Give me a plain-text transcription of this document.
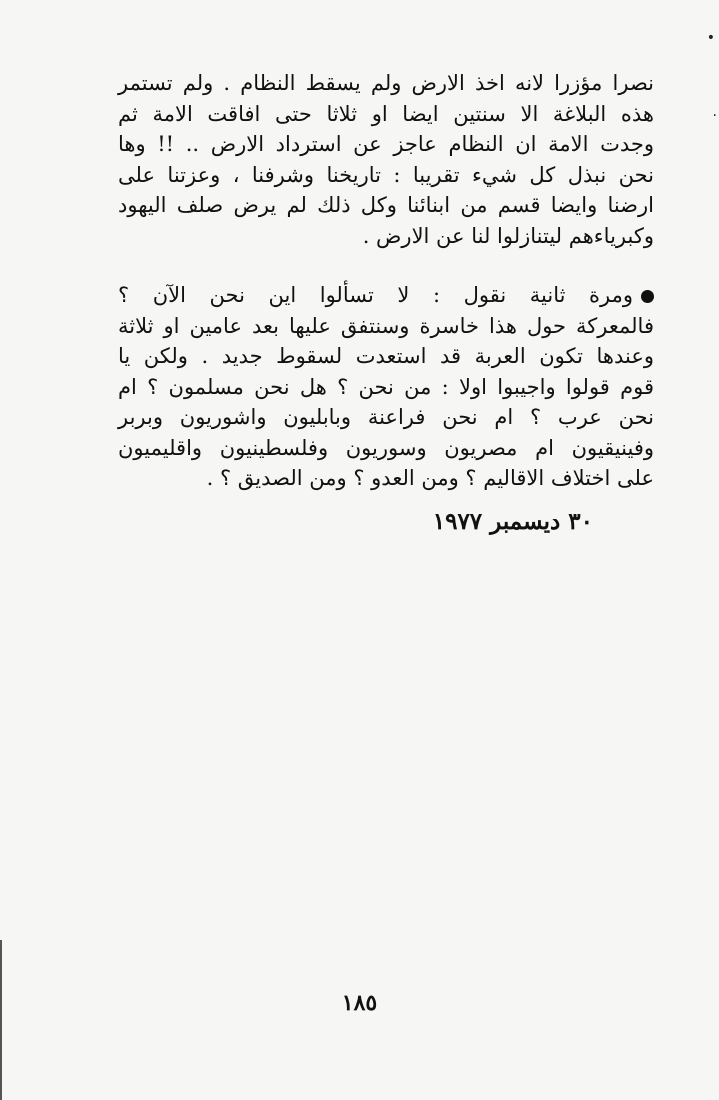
•
·
نصرا مؤزرا لانه اخذ الارض ولم يسقط النظام . ولم تستمر
هذه البلاغة الا سنتين ايضا او ثلاثا حتى افاقت الامة ثم
وجدت الامة ان النظام عاجز عن استرداد الارض .. !! وها
نحن نبذل كل شيء تقريبا : تاريخنا وشرفنا ، وعزتنا على
ارضنا وايضا قسم من ابنائنا وكل ذلك لم يرض صلف اليهود
وكبرياءهم ليتنازلوا لنا عن الارض .
ومرة ثانية نقول : لا تسألوا اين نحن الآن ؟
فالمعركة حول هذا خاسرة وسنتفق عليها بعد عامين او ثلاثة
وعندها تكون العربة قد استعدت لسقوط جديد . ولكن يا
قوم قولوا واجيبوا اولا : من نحن ؟ هل نحن مسلمون ؟ ام
نحن عرب ؟ ام نحن فراعنة وبابليون واشوريون وبربر
وفينيقيون ام مصريون وسوريون وفلسطينيون واقليميون
على اختلاف الاقاليم ؟ ومن العدو ؟ ومن الصديق ؟ .
٣٠ ديسمبر ١٩٧٧
١٨٥
